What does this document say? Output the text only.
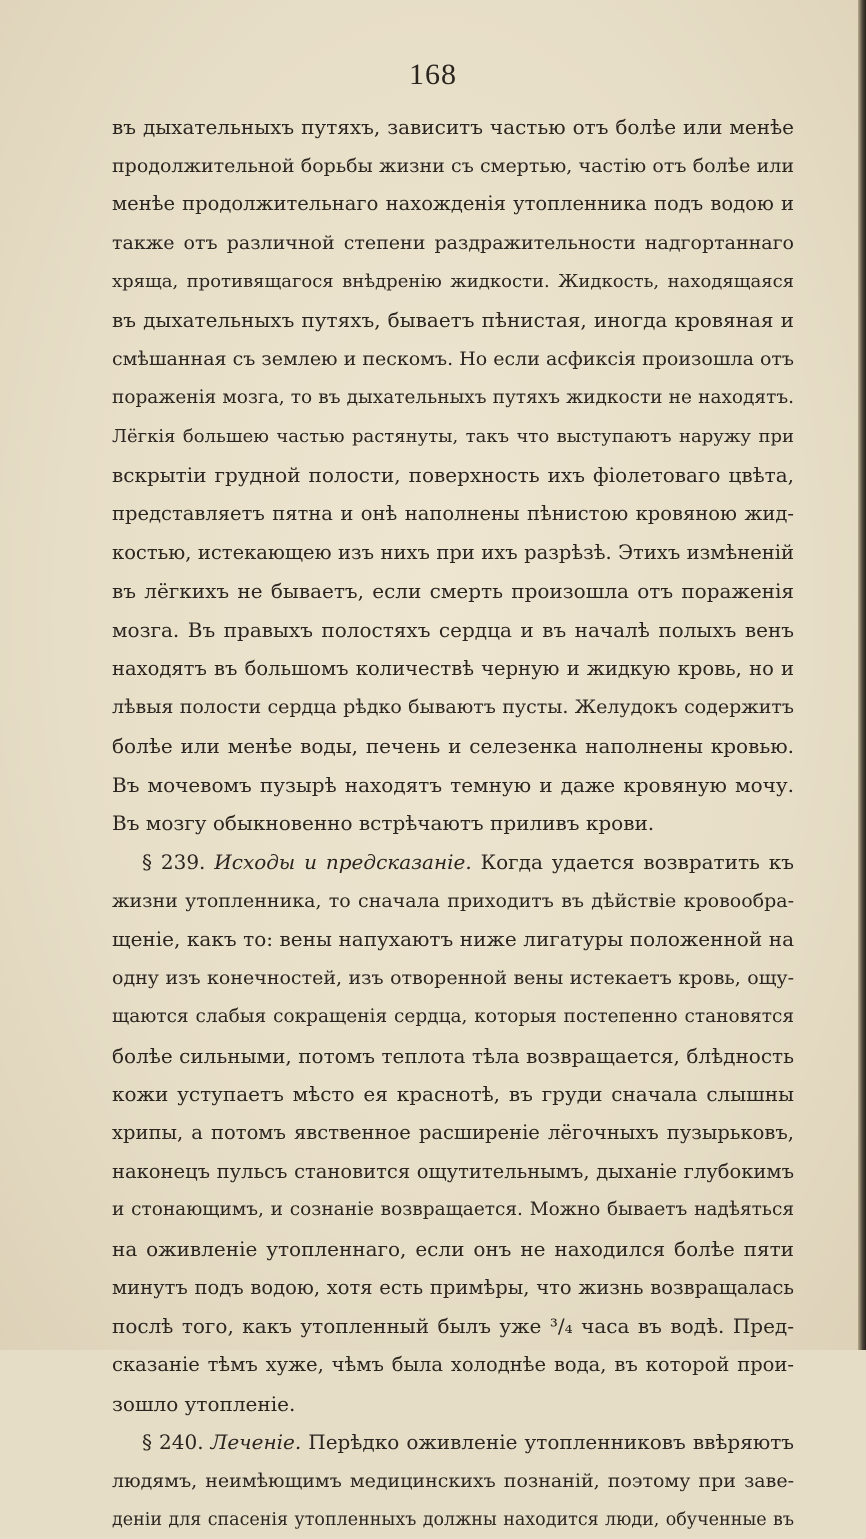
168
въ дыхательныхъ путяхъ, зависитъ частью отъ болѣе или менѣе
продолжительной борьбы жизни съ смертью, частію отъ болѣе или
менѣе продолжительнаго нахожденія утопленника подъ водою и
также отъ различной степени раздражительности надгортаннаго
хряща, противящагося внѣдренію жидкости. Жидкость, находящаяся
въ дыхательныхъ путяхъ, бываетъ пѣнистая, иногда кровяная и
смѣшанная съ землею и пескомъ. Но если асфиксія произошла отъ
пораженія мозга, то въ дыхательныхъ путяхъ жидкости не находятъ.
Лёгкія большею частью растянуты, такъ что выступаютъ наружу при
вскрытіи грудной полости, поверхность ихъ фіолетоваго цвѣта,
представляетъ пятна и онѣ наполнены пѣнистою кровяною жид-
костью, истекающею изъ нихъ при ихъ разрѣзѣ. Этихъ измѣненій
въ лёгкихъ не бываетъ, если смерть произошла отъ пораженія
мозга. Въ правыхъ полостяхъ сердца и въ началѣ полыхъ венъ
находятъ въ большомъ количествѣ черную и жидкую кровь, но и
лѣвыя полости сердца рѣдко бываютъ пусты. Желудокъ содержитъ
болѣе или менѣе воды, печень и селезенка наполнены кровью.
Въ мочевомъ пузырѣ находятъ темную и даже кровяную мочу.
Въ мозгу обыкновенно встрѣчаютъ приливъ крови.
§ 239. Исходы и предсказаніе. Когда удается возвратить къ
жизни утопленника, то сначала приходитъ въ дѣйствіе кровообра-
щеніе, какъ то: вены напухаютъ ниже лигатуры положенной на
одну изъ конечностей, изъ отворенной вены истекаетъ кровь, ощу-
щаются слабыя сокращенія сердца, которыя постепенно становятся
болѣе сильными, потомъ теплота тѣла возвращается, блѣдность
кожи уступаетъ мѣсто ея краснотѣ, въ груди сначала слышны
хрипы, а потомъ явственное расширеніе лёгочныхъ пузырьковъ,
наконецъ пульсъ становится ощутительнымъ, дыханіе глубокимъ
и стонающимъ, и сознаніе возвращается. Можно бываетъ надѣяться
на оживленіе утопленнаго, если онъ не находился болѣе пяти
минутъ подъ водою, хотя есть примѣры, что жизнь возвращалась
послѣ того, какъ утопленный былъ уже ³/₄ часа въ водѣ. Пред-
сказаніе тѣмъ хуже, чѣмъ была холоднѣе вода, въ которой прои-
зошло утопленіе.
§ 240. Леченіе. Перѣдко оживленіе утопленниковъ ввѣряютъ
людямъ, неимѣющимъ медицинскихъ познаній, поэтому при заве-
деніи для спасенія утопленныхъ должны находится люди, обученные въ
